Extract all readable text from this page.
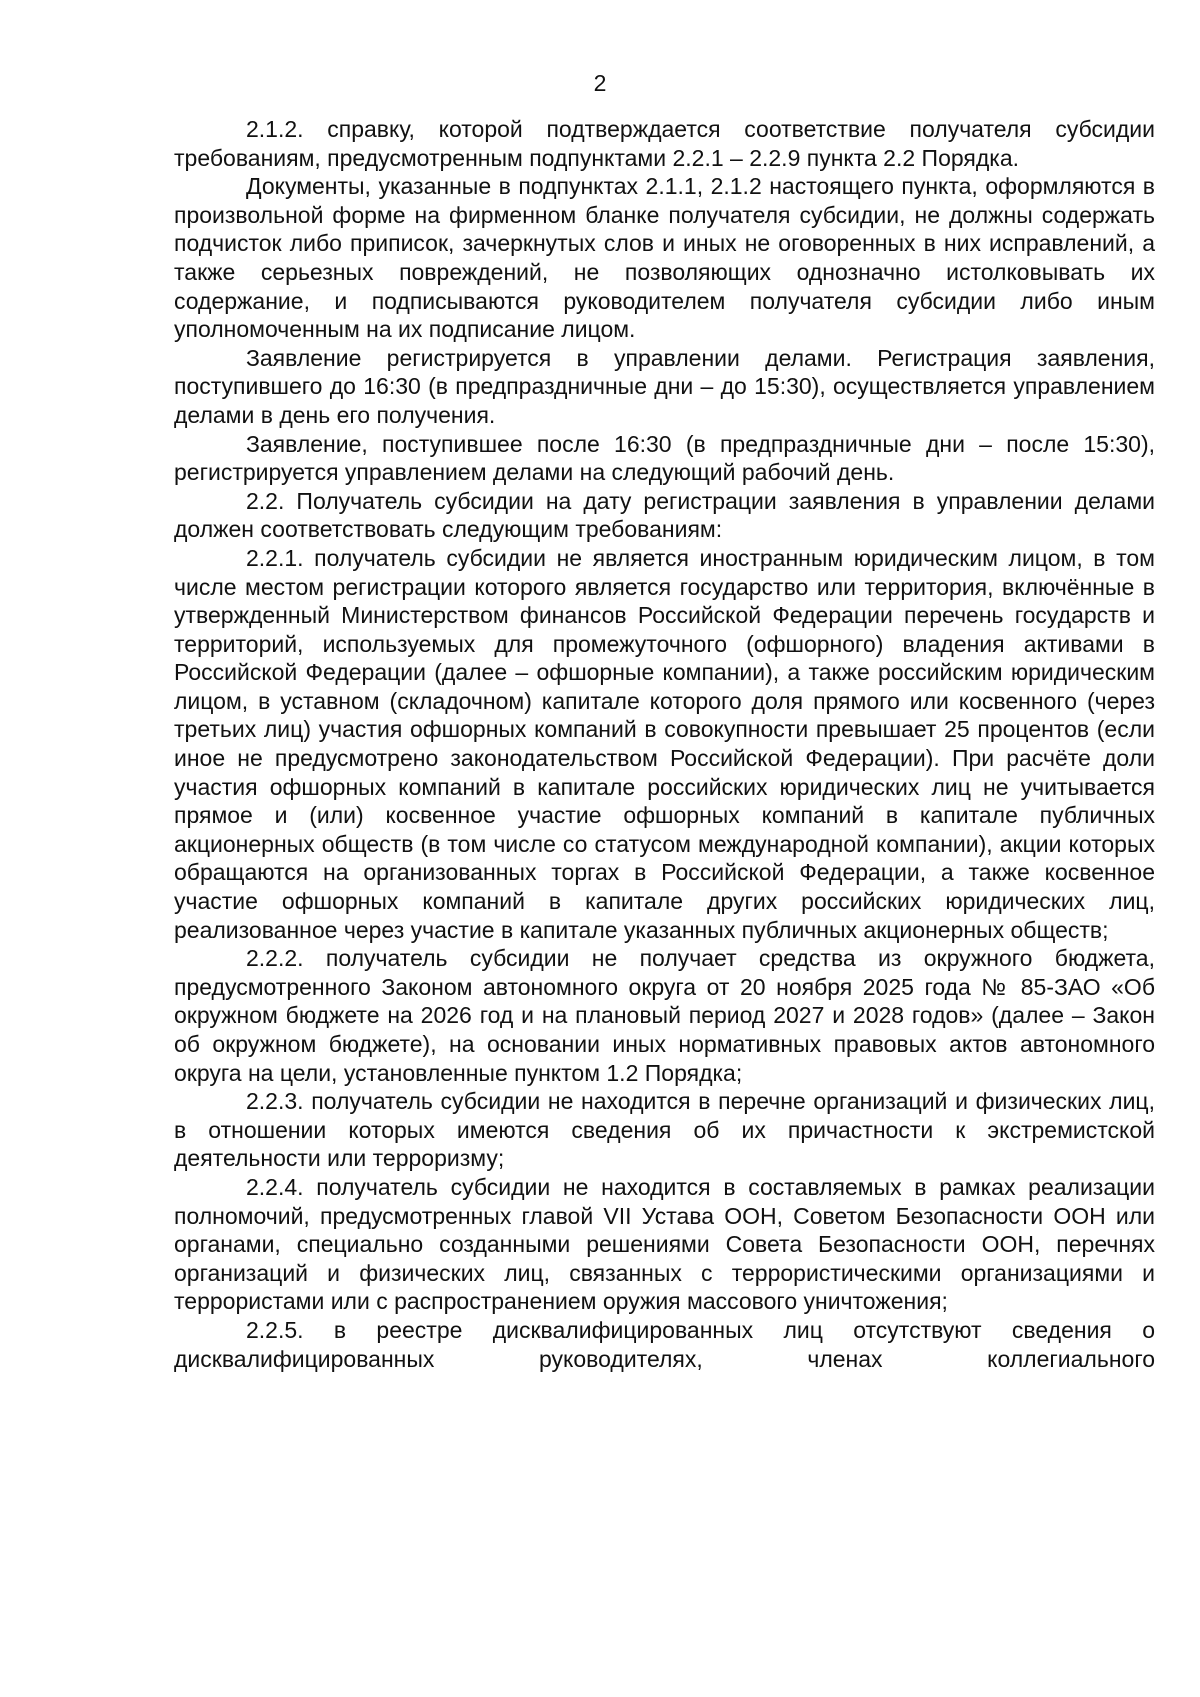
2

2.1.2. справку, которой подтверждается соответствие получателя субсидии требованиям, предусмотренным подпунктами 2.2.1 – 2.2.9 пункта 2.2 Порядка.

Документы, указанные в подпунктах 2.1.1, 2.1.2 настоящего пункта, оформляются в произвольной форме на фирменном бланке получателя субсидии, не должны содержать подчисток либо приписок, зачеркнутых слов и иных не оговоренных в них исправлений, а также серьезных повреждений, не позволяющих однозначно истолковывать их содержание, и подписываются руководителем получателя субсидии либо иным уполномоченным на их подписание лицом.

Заявление регистрируется в управлении делами. Регистрация заявления, поступившего до 16:30 (в предпраздничные дни – до 15:30), осуществляется управлением делами в день его получения.

Заявление, поступившее после 16:30 (в предпраздничные дни – после 15:30), регистрируется управлением делами на следующий рабочий день.

2.2. Получатель субсидии на дату регистрации заявления в управлении делами должен соответствовать следующим требованиям:

2.2.1. получатель субсидии не является иностранным юридическим лицом, в том числе местом регистрации которого является государство или территория, включённые в утвержденный Министерством финансов Российской Федерации перечень государств и территорий, используемых для промежуточного (офшорного) владения активами в Российской Федерации (далее – офшорные компании), а также российским юридическим лицом, в уставном (складочном) капитале которого доля прямого или косвенного (через третьих лиц) участия офшорных компаний в совокупности превышает 25 процентов (если иное не предусмотрено законодательством Российской Федерации). При расчёте доли участия офшорных компаний в капитале российских юридических лиц не учитывается прямое и (или) косвенное участие офшорных компаний в капитале публичных акционерных обществ (в том числе со статусом международной компании), акции которых обращаются на организованных торгах в Российской Федерации, а также косвенное участие офшорных компаний в капитале других российских юридических лиц, реализованное через участие в капитале указанных публичных акционерных обществ;

2.2.2. получатель субсидии не получает средства из окружного бюджета, предусмотренного Законом автономного округа от 20 ноября 2025 года № 85-ЗАО «Об окружном бюджете на 2026 год и на плановый период 2027 и 2028 годов» (далее – Закон об окружном бюджете), на основании иных нормативных правовых актов автономного округа на цели, установленные пунктом 1.2 Порядка;

2.2.3. получатель субсидии не находится в перечне организаций и физических лиц, в отношении которых имеются сведения об их причастности к экстремистской деятельности или терроризму;

2.2.4. получатель субсидии не находится в составляемых в рамках реализации полномочий, предусмотренных главой VII Устава ООН, Советом Безопасности ООН или органами, специально созданными решениями Совета Безопасности ООН, перечнях организаций и физических лиц, связанных с террористическими организациями и террористами или с распространением оружия массового уничтожения;

2.2.5. в реестре дисквалифицированных лиц отсутствуют сведения о дисквалифицированных руководителях, членах коллегиального
